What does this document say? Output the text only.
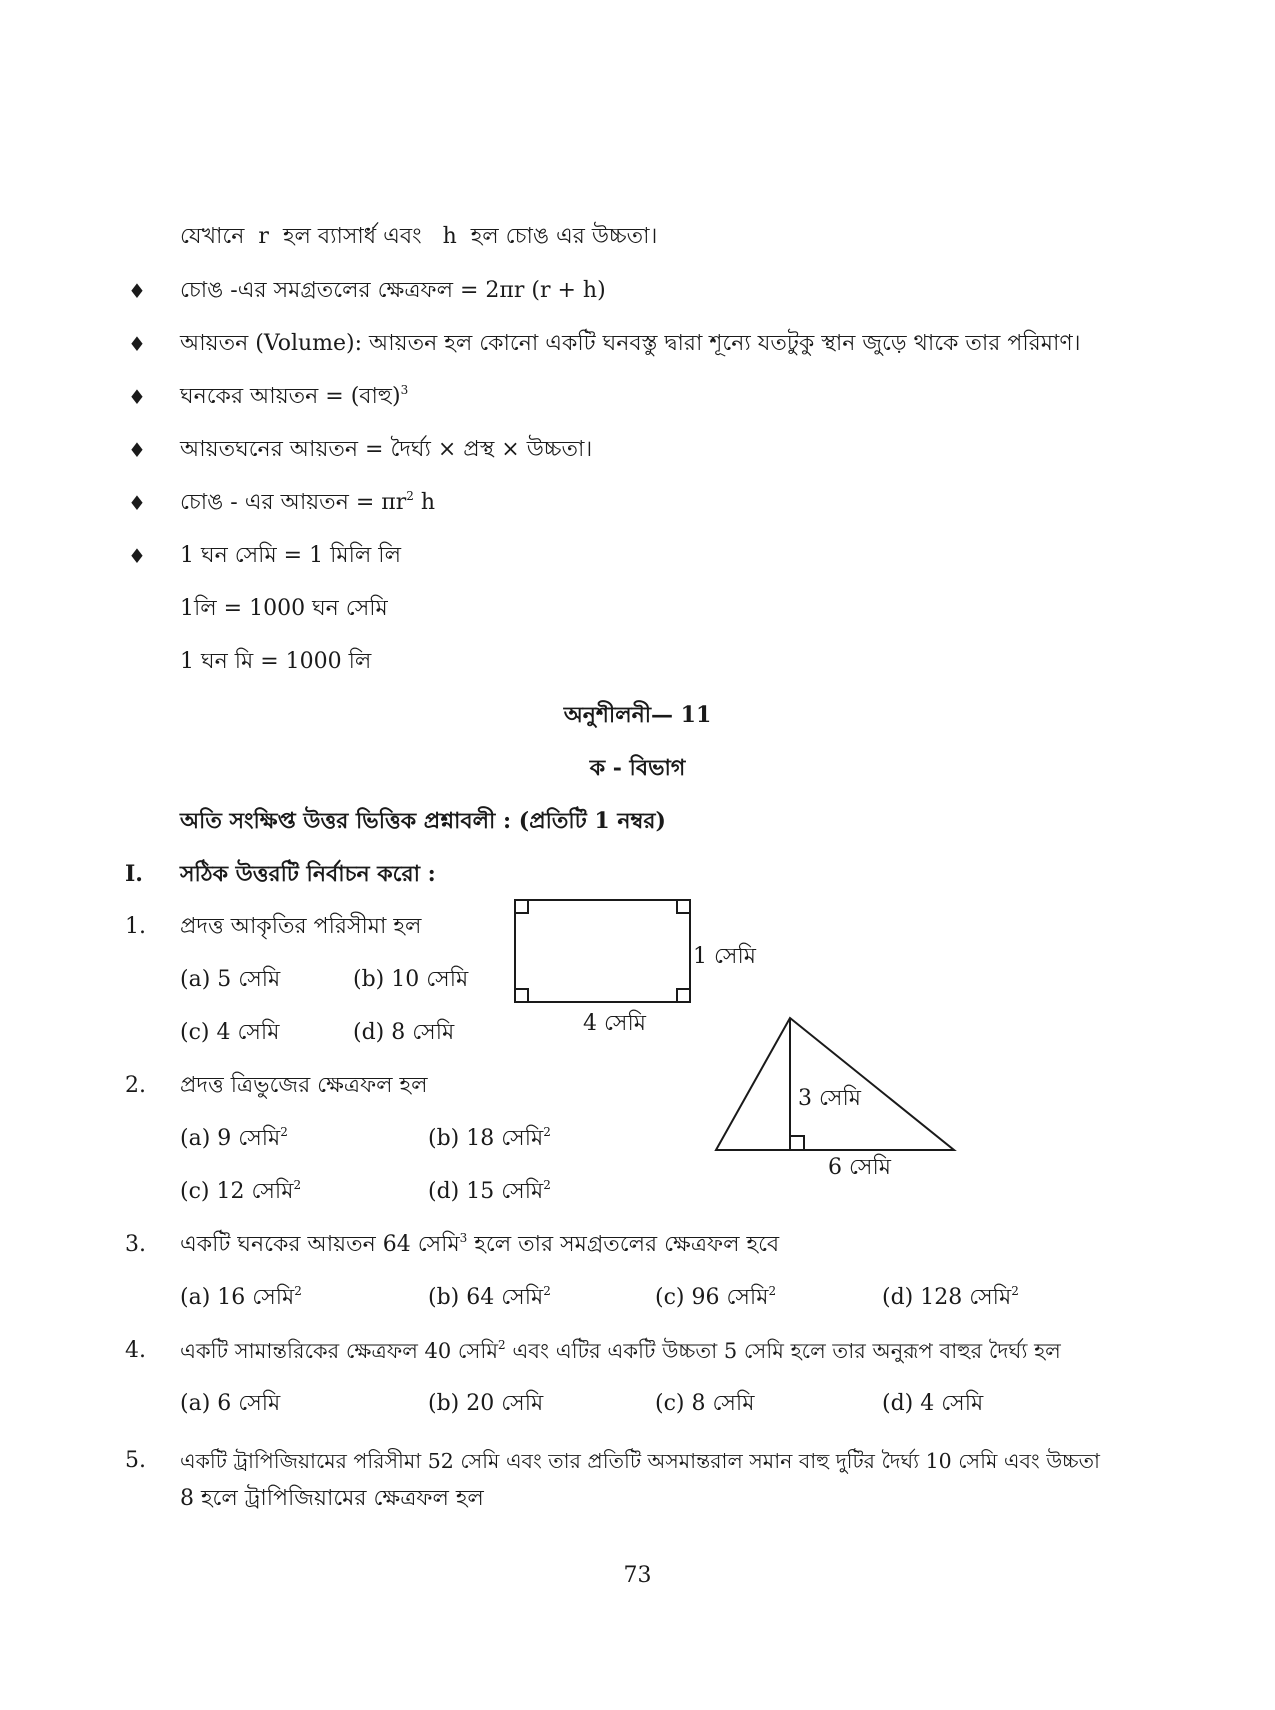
যেখানে r হল ব্যাসার্ধ এবং h হল চোঙ এর উচ্চতা।
♦ চোঙ -এর সমগ্রতলের ক্ষেত্রফল = 2πr (r + h)
♦ আয়তন (Volume): আয়তন হল কোনো একটি ঘনবস্তু দ্বারা শূন্যে যতটুকু স্থান জুড়ে থাকে তার পরিমাণ।
♦ ঘনকের আয়তন = (বাহু)$^3$
♦ আয়তঘনের আয়তন = দৈর্ঘ্য × প্রস্থ × উচ্চতা।
♦ চোঙ - এর আয়তন = $\pi r^2$ h
♦ 1 ঘন সেমি = 1 মিলি লি
1লি = 1000 ঘন সেমি
1 ঘন মি = 1000 লি
অনুশীলনী— 11
ক - বিভাগ
অতি সংক্ষিপ্ত উত্তর ভিত্তিক প্রশ্নাবলী : (প্রতিটি 1 নম্বর)
I. সঠিক উত্তরটি নির্বাচন করো :
1. প্রদত্ত আকৃতির পরিসীমা হল
(a) 5 সেমি	(b) 10 সেমি
(c) 4 সেমি	(d) 8 সেমি
2. প্রদত্ত ত্রিভুজের ক্ষেত্রফল হল
(a) 9 সেমি$^2$	(b) 18 সেমি$^2$
(c) 12 সেমি$^2$	(d) 15 সেমি$^2$
3. একটি ঘনকের আয়তন 64 সেমি$^3$ হলে তার সমগ্রতলের ক্ষেত্রফল হবে
(a) 16 সেমি$^2$	(b) 64 সেমি$^2$	(c) 96 সেমি$^2$	(d) 128 সেমি$^2$
4. একটি সামান্তরিকের ক্ষেত্রফল 40 সেমি$^2$ এবং এটির একটি উচ্চতা 5 সেমি হলে তার অনুরূপ বাহুর দৈর্ঘ্য হল
(a) 6 সেমি	(b) 20 সেমি	(c) 8 সেমি	(d) 4 সেমি
5. একটি ট্রাপিজিয়ামের পরিসীমা 52 সেমি এবং তার প্রতিটি অসমান্তরাল সমান বাহু দুটির দৈর্ঘ্য 10 সেমি এবং উচ্চতা
8 হলে ট্রাপিজিয়ামের ক্ষেত্রফল হল
1 সেমি
4 সেমি
3 সেমি
6 সেমি
73
